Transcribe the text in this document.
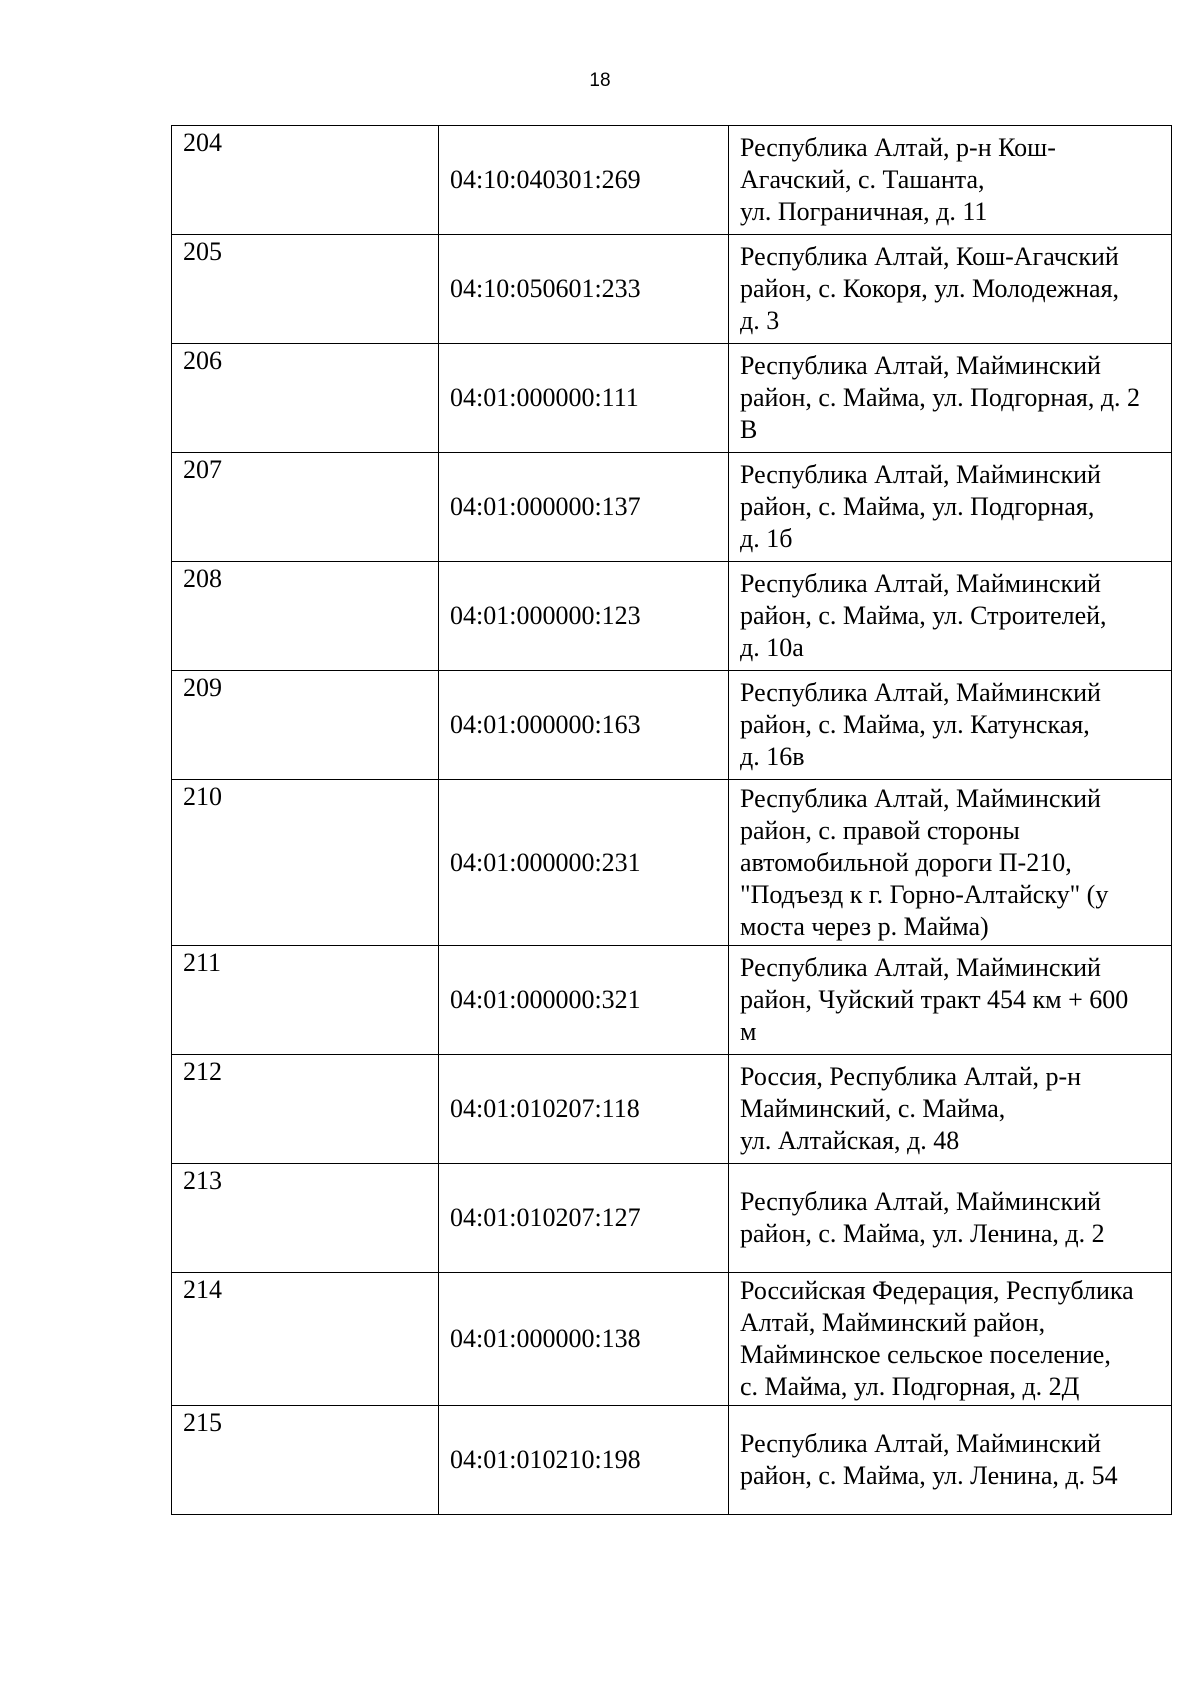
18
204	04:10:040301:269	Республика Алтай, р-н Кош-
Агачский, с. Ташанта,
ул. Пограничная, д. 11
205	04:10:050601:233	Республика Алтай, Кош-Агачский
район, с. Кокоря, ул. Молодежная,
д. 3
206	04:01:000000:111	Республика Алтай, Майминский
район, с. Майма, ул. Подгорная, д. 2
В
207	04:01:000000:137	Республика Алтай, Майминский
район, с. Майма, ул. Подгорная,
д. 1б
208	04:01:000000:123	Республика Алтай, Майминский
район, с. Майма, ул. Строителей,
д. 10а
209	04:01:000000:163	Республика Алтай, Майминский
район, с. Майма, ул. Катунская,
д. 16в
210	04:01:000000:231	Республика Алтай, Майминский
район, с. правой стороны
автомобильной дороги П-210,
"Подъезд к г. Горно-Алтайску" (у
моста через р. Майма)
211	04:01:000000:321	Республика Алтай, Майминский
район, Чуйский тракт 454 км + 600
м
212	04:01:010207:118	Россия, Республика Алтай, р-н
Майминский, с. Майма,
ул. Алтайская, д. 48
213	04:01:010207:127	Республика Алтай, Майминский
район, с. Майма, ул. Ленина, д. 2
214	04:01:000000:138	Российская Федерация, Республика
Алтай, Майминский район,
Майминское сельское поселение,
с. Майма, ул. Подгорная, д. 2Д
215	04:01:010210:198	Республика Алтай, Майминский
район, с. Майма, ул. Ленина, д. 54
